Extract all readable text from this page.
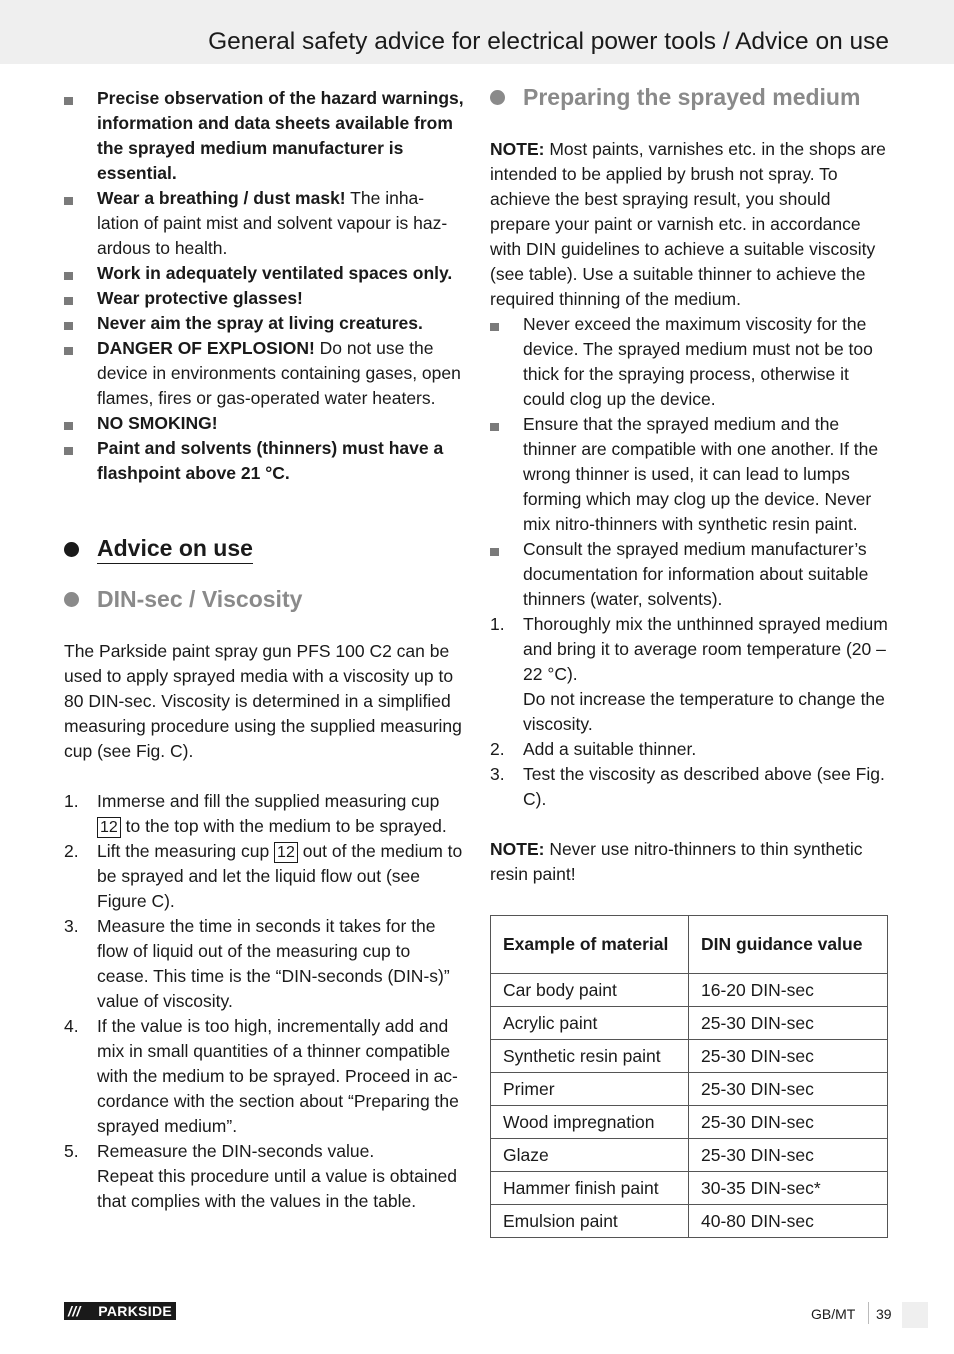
General safety advice for electrical power tools / Advice on use
Precise observation of the hazard warnings, information and data sheets available from the sprayed medium manufacturer is essential.
Wear a breathing / dust mask! The inha-lation of paint mist and solvent vapour is haz-ardous to health.
Work in adequately ventilated spaces only.
Wear protective glasses!
Never aim the spray at living creatures.
DANGER OF EXPLOSION! Do not use the device in environments containing gases, open flames, fires or gas-operated water heaters.
NO SMOKING!
Paint and solvents (thinners) must have a flashpoint above 21 °C.
Advice on use
DIN-sec / Viscosity

The Parkside paint spray gun PFS 100 C2 can be used to apply sprayed media with a viscosity up to 80 DIN-sec. Viscosity is determined in a simplified measuring procedure using the supplied measuring cup (see Fig. C).

1. Immerse and fill the supplied measuring cup 12 to the top with the medium to be sprayed.
2. Lift the measuring cup 12 out of the medium to be sprayed and let the liquid flow out (see Figure C).
3. Measure the time in seconds it takes for the flow of liquid out of the measuring cup to cease. This time is the “DIN-seconds (DIN-s)” value of viscosity.
4. If the value is too high, incrementally add and mix in small quantities of a thinner compatible with the medium to be sprayed. Proceed in ac-cordance with the section about “Preparing the sprayed medium”.
5. Remeasure the DIN-seconds value.
Repeat this procedure until a value is obtained that complies with the values in the table.
Preparing the sprayed medium

NOTE: Most paints, varnishes etc. in the shops are intended to be applied by brush not spray. To achieve the best spraying result, you should prepare your paint or varnish etc. in accordance with DIN guidelines to achieve a suitable viscosity (see table). Use a suitable thinner to achieve the required thinning of the medium.

Never exceed the maximum viscosity for the device. The sprayed medium must not be too thick for the spraying process, otherwise it could clog up the device.
Ensure that the sprayed medium and the thinner are compatible with one another. If the wrong thinner is used, it can lead to lumps forming which may clog up the device. Never mix nitro-thinners with synthetic resin paint.
Consult the sprayed medium manufacturer’s documentation for information about suitable thinners (water, solvents).
1. Thoroughly mix the unthinned sprayed medium and bring it to average room temperature (20 – 22 °C).
Do not increase the temperature to change the viscosity.
2. Add a suitable thinner.
3. Test the viscosity as described above (see Fig. C).

NOTE: Never use nitro-thinners to thin synthetic resin paint!

Example of material	DIN guidance value
Car body paint	16-20 DIN-sec
Acrylic paint	25-30 DIN-sec
Synthetic resin paint	25-30 DIN-sec
Primer	25-30 DIN-sec
Wood impregnation	25-30 DIN-sec
Glaze	25-30 DIN-sec
Hammer finish paint	30-35 DIN-sec*
Emulsion paint	40-80 DIN-sec
/// PARKSIDE	GB/MT 39
